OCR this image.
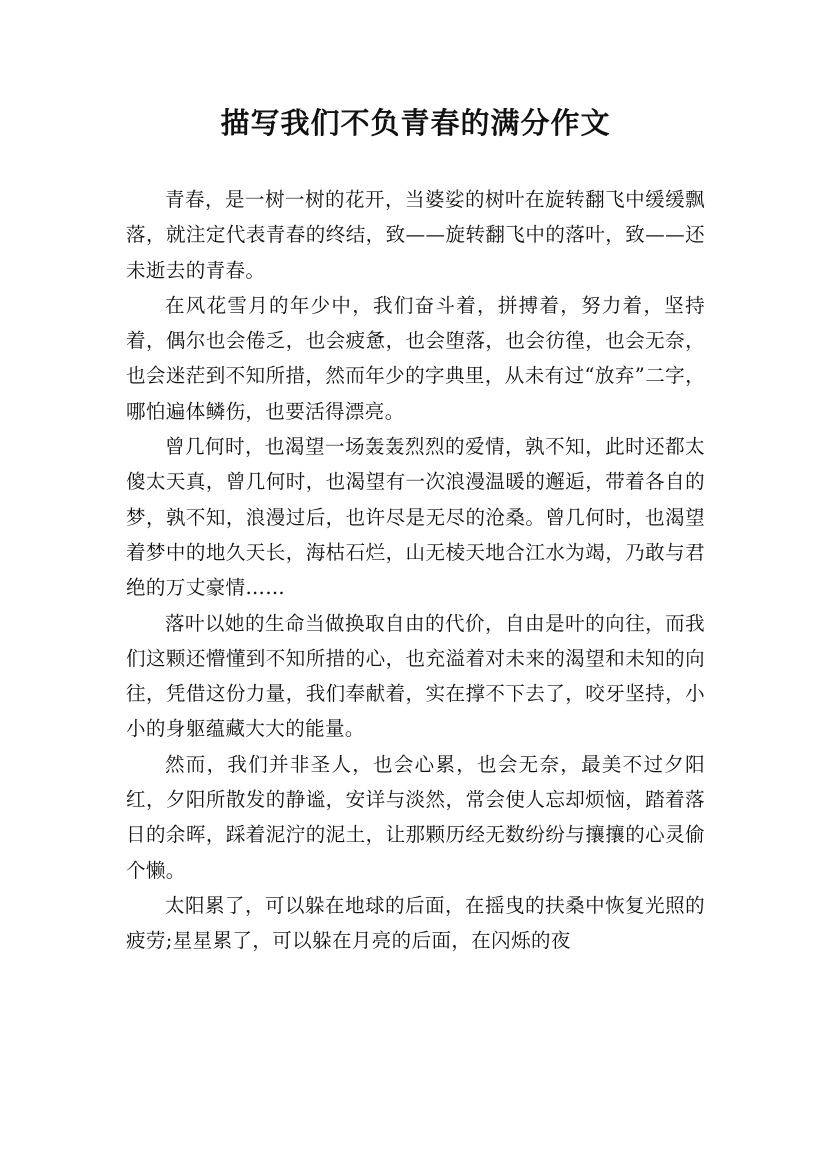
描写我们不负青春的满分作文

青春，是一树一树的花开，当婆娑的树叶在旋转翻飞中缓缓飘落，就注定代表青春的终结，致——旋转翻飞中的落叶，致——还未逝去的青春。

在风花雪月的年少中，我们奋斗着，拼搏着，努力着，坚持着，偶尔也会倦乏，也会疲惫，也会堕落，也会彷徨，也会无奈，也会迷茫到不知所措，然而年少的字典里，从未有过“放弃”二字，哪怕遍体鳞伤，也要活得漂亮。

曾几何时，也渴望一场轰轰烈烈的爱情，孰不知，此时还都太傻太天真，曾几何时，也渴望有一次浪漫温暖的邂逅，带着各自的梦，孰不知，浪漫过后，也许尽是无尽的沧桑。曾几何时，也渴望着梦中的地久天长，海枯石烂，山无棱天地合江水为竭，乃敢与君绝的万丈豪情……

落叶以她的生命当做换取自由的代价，自由是叶的向往，而我们这颗还懵懂到不知所措的心，也充溢着对未来的渴望和未知的向往，凭借这份力量，我们奉献着，实在撑不下去了，咬牙坚持，小小的身躯蕴藏大大的能量。

然而，我们并非圣人，也会心累，也会无奈，最美不过夕阳红，夕阳所散发的静谧，安详与淡然，常会使人忘却烦恼，踏着落日的余晖，踩着泥泞的泥土，让那颗历经无数纷纷与攘攘的心灵偷个懒。

太阳累了，可以躲在地球的后面，在摇曳的扶桑中恢复光照的疲劳;星星累了，可以躲在月亮的后面，在闪烁的夜
